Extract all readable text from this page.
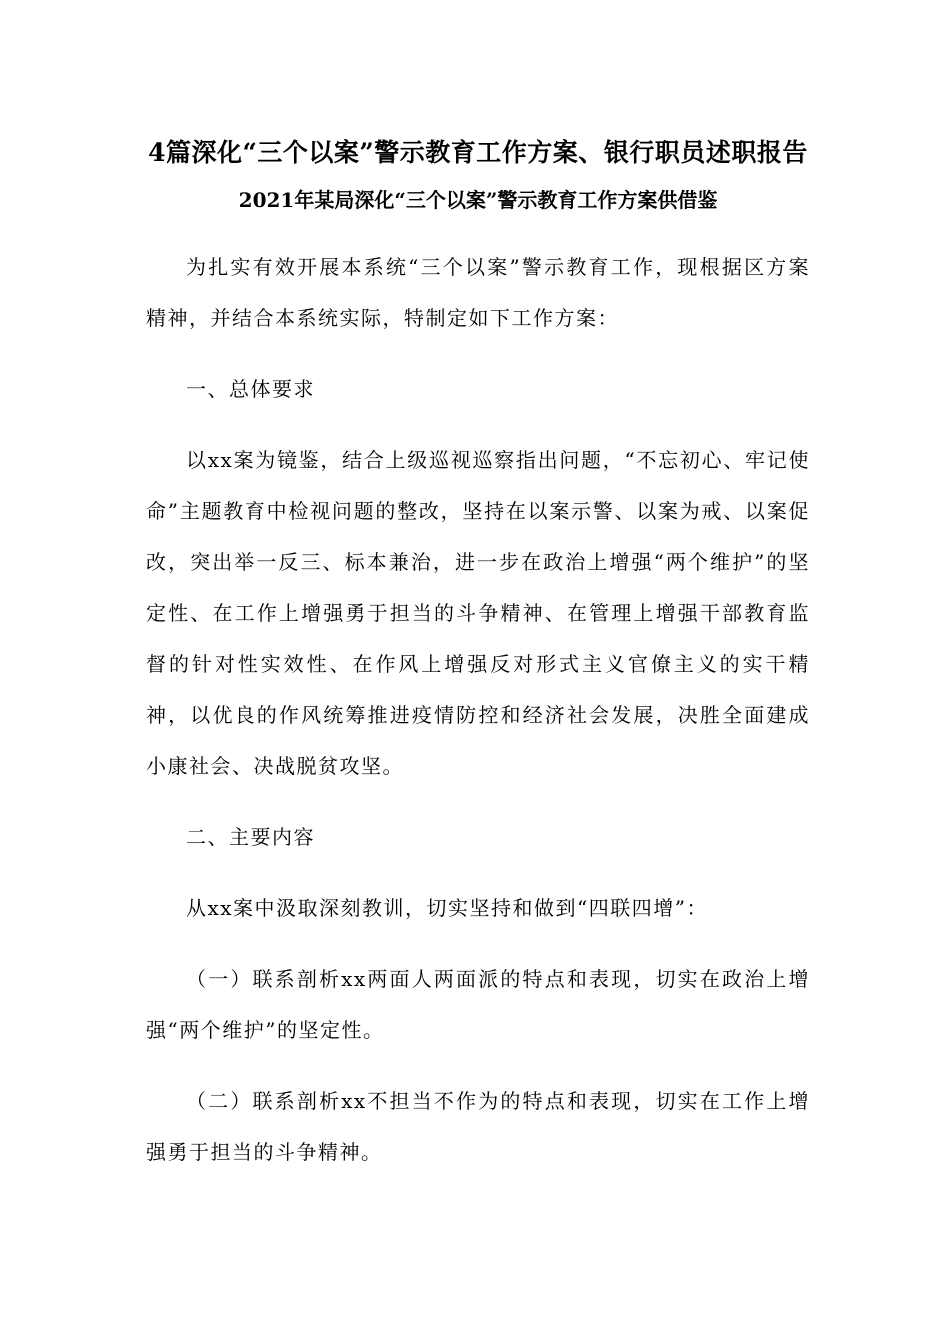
4篇深化“三个以案”警示教育工作方案、银行职员述职报告
2021年某局深化“三个以案”警示教育工作方案供借鉴

为扎实有效开展本系统“三个以案”警示教育工作，现根据区方案精神，并结合本系统实际，特制定如下工作方案：

一、总体要求

以xx案为镜鉴，结合上级巡视巡察指出问题，“不忘初心、牢记使命”主题教育中检视问题的整改，坚持在以案示警、以案为戒、以案促改，突出举一反三、标本兼治，进一步在政治上增强“两个维护”的坚定性、在工作上增强勇于担当的斗争精神、在管理上增强干部教育监督的针对性实效性、在作风上增强反对形式主义官僚主义的实干精神，以优良的作风统筹推进疫情防控和经济社会发展，决胜全面建成小康社会、决战脱贫攻坚。

二、主要内容

从xx案中汲取深刻教训，切实坚持和做到“四联四增”：

（一）联系剖析xx两面人两面派的特点和表现，切实在政治上增强“两个维护”的坚定性。

（二）联系剖析xx不担当不作为的特点和表现，切实在工作上增强勇于担当的斗争精神。
